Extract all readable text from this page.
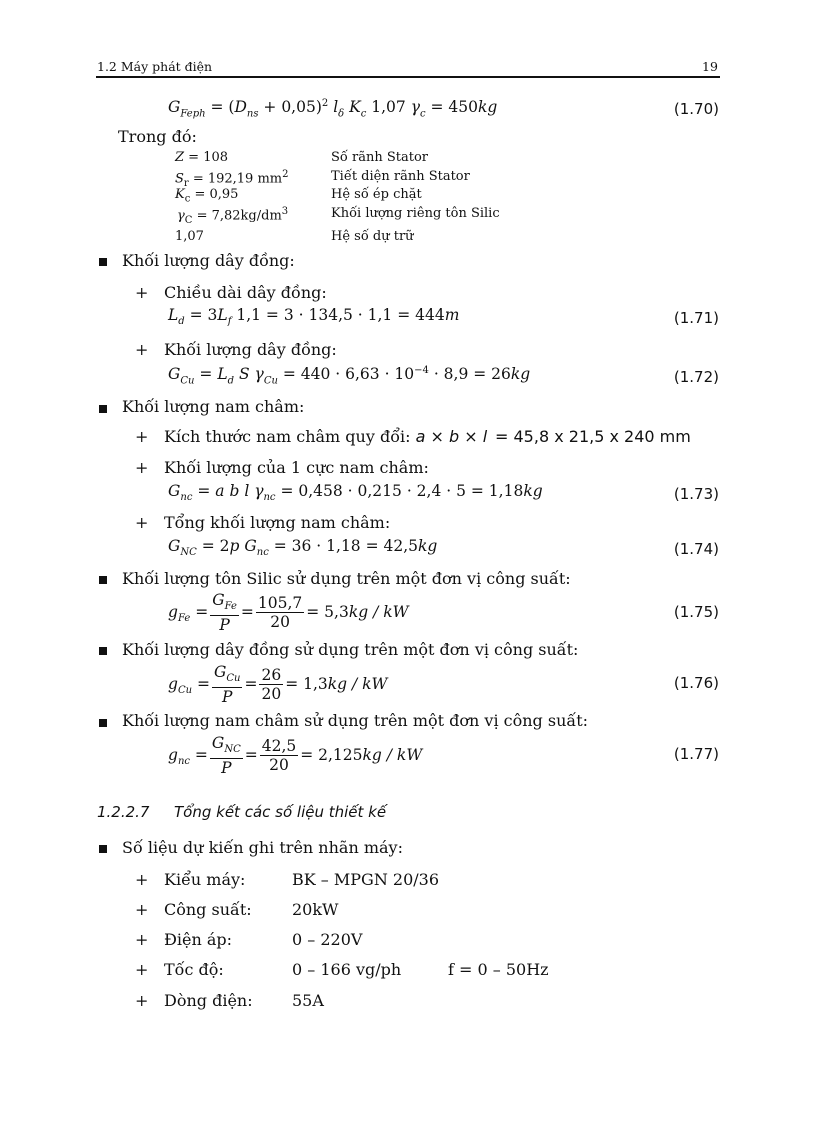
1.2 Máy phát điện	19
$G_{Feph} = (D_{ns} + 0,05)^2$ $l_\delta$ $K_c$ 1,07 $\gamma_c = 450kg$	(1.70)
Trong đó:
Z = 108	Số rãnh Stator
$S_r = 192,19$ $mm^2$	Tiết diện rãnh Stator
$K_c = 0,95$	Hệ số ép chặt
$\gamma_C = 7,82kg/dm^3$	Khối lượng riêng tôn Silic
1,07	Hệ số dự trữ
Khối lượng dây đồng:
+ Chiều dài dây đồng:
$L_d = 3L_f$ 1,1 = 3 · 134,5 · 1,1 = 444m	(1.71)
+ Khối lượng dây đồng:
$G_{Cu} = L_d$ S $\gamma_{Cu} = 440 \cdot 6,63 \cdot 10^{-4} \cdot 8,9 = 26kg$	(1.72)
Khối lượng nam châm:
+ Kích thước nam châm quy đổi: a × b × l = 45,8 x 21,5 x 240 mm
+ Khối lượng của 1 cực nam châm:
$G_{nc} = a$ b l $\gamma_{nc} = 0,458 \cdot 0,215 \cdot 2,4 \cdot 5 = 1,18kg$	(1.73)
+ Tổng khối lượng nam châm:
$G_{NC} = 2p$ $G_{nc} = 36 \cdot 1,18 = 42,5kg$	(1.74)
Khối lượng tôn Silic sử dụng trên một đơn vị công suất:
$g_{Fe} = \frac{G_{Fe}}{P} = \frac{105,7}{20} = 5,3kg$ / kW	(1.75)
Khối lượng dây đồng sử dụng trên một đơn vị công suất:
$g_{Cu} = \frac{G_{Cu}}{P} = \frac{26}{20} = 1,3kg$ / kW	(1.76)
Khối lượng nam châm sử dụng trên một đơn vị công suất:
$g_{nc} = \frac{G_{NC}}{P} = \frac{42,5}{20} = 2,125kg$ / kW	(1.77)
1.2.2.7 Tổng kết các số liệu thiết kế
Số liệu dự kiến ghi trên nhãn máy:
+ Kiểu máy:	BK – MPGN 20/36
+ Công suất:	20kW
+ Điện áp:	0 – 220V
+ Tốc độ:	0 – 166 vg/ph	f = 0 – 50Hz
+ Dòng điện: 55A
